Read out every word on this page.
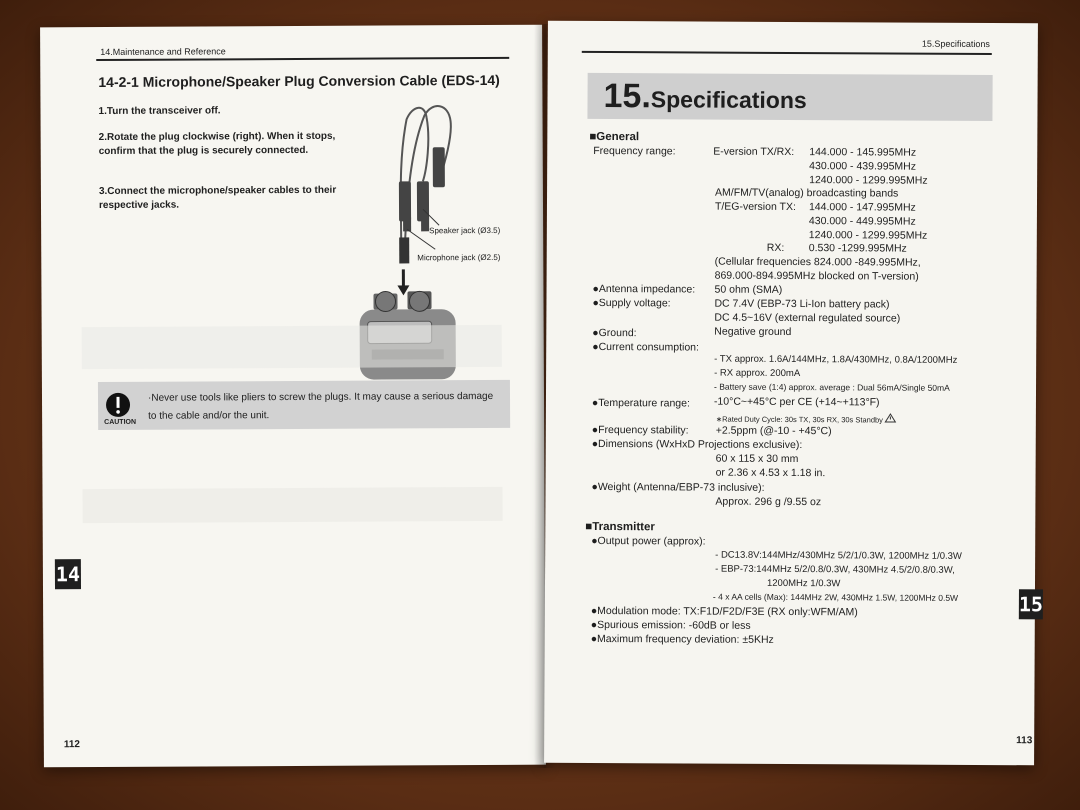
14.Maintenance and Reference
14-2-1 Microphone/Speaker Plug Conversion Cable (EDS-14)
1.Turn the transceiver off.
2.Rotate the plug clockwise (right). When it stops, confirm that the plug is securely connected.
3.Connect the microphone/speaker cables to their respective jacks.
Speaker jack (Ø3.5)
Microphone jack (Ø2.5)
·Never use tools like pliers to screw the plugs. It may cause a serious damage to the cable and/or the unit.
CAUTION
14
112
15.Specifications
15.Specifications
■General
Frequency range:	E-version TX/RX: 144.000 - 145.995MHz
430.000 - 439.995MHz
1240.000 - 1299.995MHz
AM/FM/TV(analog) broadcasting bands
T/EG-version TX: 144.000 - 147.995MHz
430.000 - 449.995MHz
1240.000 - 1299.995MHz
RX: 0.530 -1299.995MHz
(Cellular frequencies 824.000 -849.995MHz,
869.000-894.995MHz blocked on T-version)
●Antenna impedance: 50 ohm (SMA)
●Supply voltage:	DC 7.4V (EBP-73 Li-Ion battery pack)
DC 4.5~16V (external regulated source)
●Ground:	Negative ground
●Current consumption:
- TX approx. 1.6A/144MHz, 1.8A/430MHz, 0.8A/1200MHz
- RX approx. 200mA
- Battery save (1:4) approx. average : Dual 56mA/Single 50mA
●Temperature range: -10°C~+45°C per CE (+14~+113°F)
∗Rated Duty Cycle: 30s TX, 30s RX, 30s Standby
●Frequency stability:	+2.5ppm (@-10 - +45°C)
●Dimensions (WxHxD Projections exclusive):
60 x 115 x 30 mm
or 2.36 x 4.53 x 1.18 in.
●Weight (Antenna/EBP-73 inclusive):
Approx. 296 g /9.55 oz
■Transmitter
●Output power (approx):
- DC13.8V:144MHz/430MHz 5/2/1/0.3W, 1200MHz 1/0.3W
- EBP-73:144MHz 5/2/0.8/0.3W, 430MHz 4.5/2/0.8/0.3W,
1200MHz 1/0.3W
- 4 x AA cells (Max): 144MHz 2W, 430MHz 1.5W, 1200MHz 0.5W
●Modulation mode: TX:F1D/F2D/F3E (RX only:WFM/AM)
●Spurious emission: -60dB or less
●Maximum frequency deviation: ±5KHz
15
113
